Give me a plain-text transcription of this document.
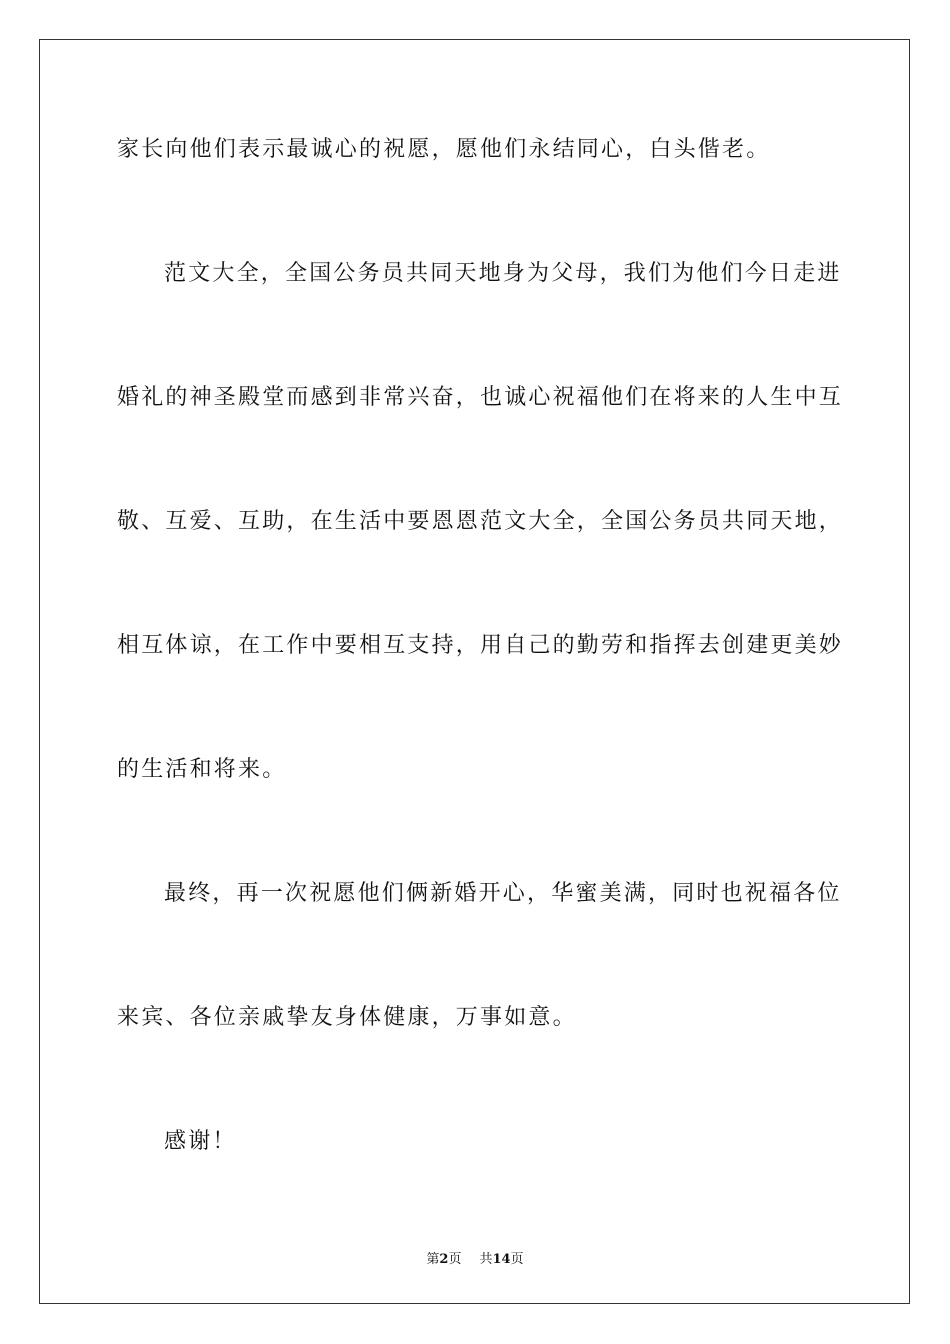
家长向他们表示最诚心的祝愿，愿他们永结同心，白头偕老。
范文大全，全国公务员共同天地身为父母，我们为他们今日走进
婚礼的神圣殿堂而感到非常兴奋，也诚心祝福他们在将来的人生中互
敬、互爱、互助，在生活中要恩恩范文大全，全国公务员共同天地，
相互体谅，在工作中要相互支持，用自己的勤劳和指挥去创建更美妙
的生活和将来。
最终，再一次祝愿他们俩新婚开心，华蜜美满，同时也祝福各位
来宾、各位亲戚挚友身体健康，万事如意。
感谢！
第2页 共14页
